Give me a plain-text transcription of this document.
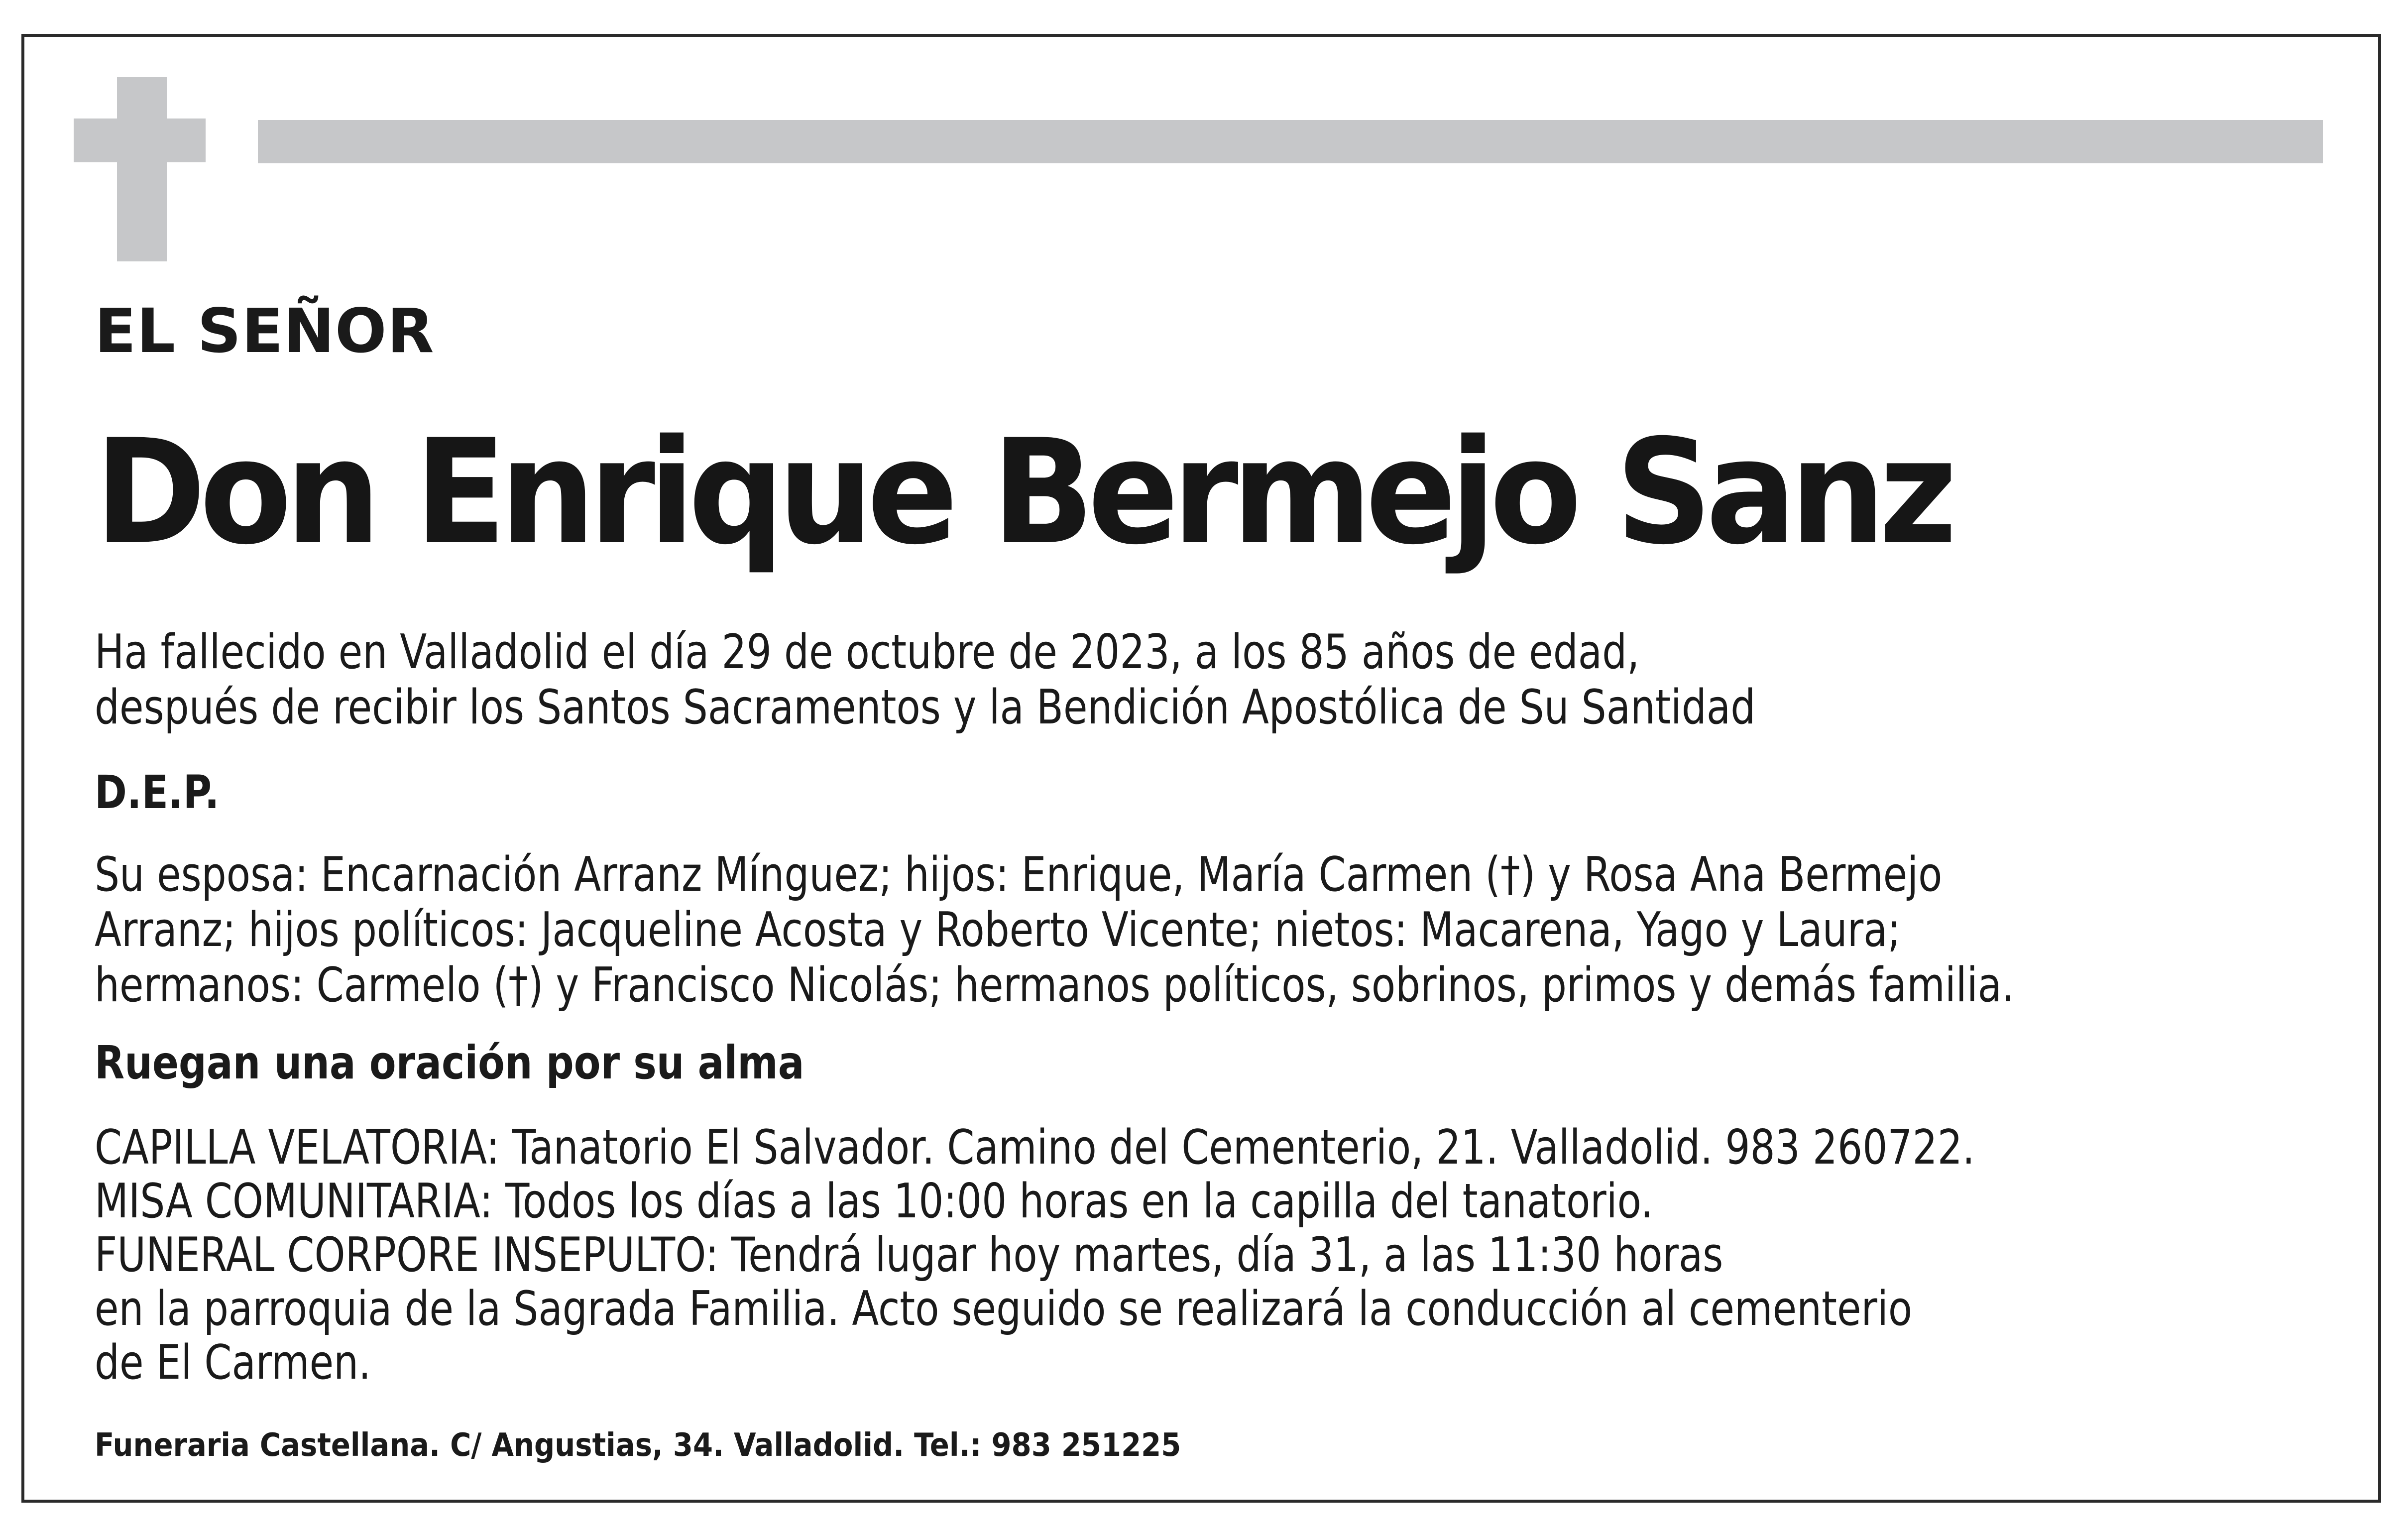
EL SEÑOR

Don Enrique Bermejo Sanz

Ha fallecido en Valladolid el día 29 de octubre de 2023, a los 85 años de edad,

después de recibir los Santos Sacramentos y la Bendición Apostólica de Su Santidad

D.E.P.

Su esposa: Encarnación Arranz Mínguez; hijos: Enrique, María Carmen (†) y Rosa Ana Bermejo

Arranz; hijos políticos: Jacqueline Acosta y Roberto Vicente; nietos: Macarena, Yago y Laura;

hermanos: Carmelo (†) y Francisco Nicolás; hermanos políticos, sobrinos, primos y demás familia.

Ruegan una oración por su alma

CAPILLA VELATORIA: Tanatorio El Salvador. Camino del Cementerio, 21. Valladolid. 983 260722.

MISA COMUNITARIA: Todos los días a las 10:00 horas en la capilla del tanatorio.

FUNERAL CORPORE INSEPULTO: Tendrá lugar hoy martes, día 31, a las 11:30 horas

en la parroquia de la Sagrada Familia. Acto seguido se realizará la conducción al cementerio

de El Carmen.

Funeraria Castellana. C/ Angustias, 34. Valladolid. Tel.: 983 251225
